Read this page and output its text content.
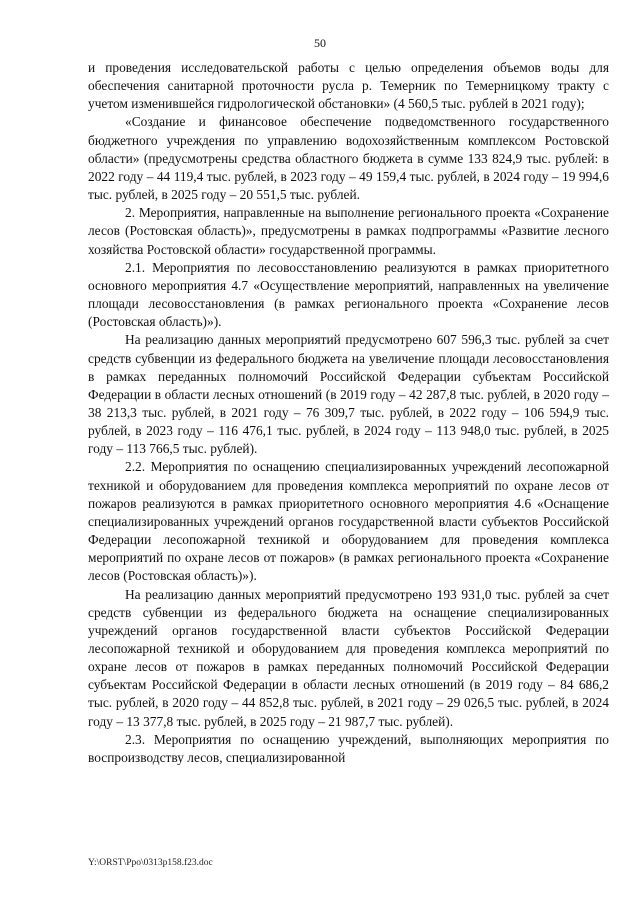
50

и проведения исследовательской работы с целью определения объемов воды для обеспечения санитарной проточности русла р. Темерник по Темерницкому тракту с учетом изменившейся гидрологической обстановки» (4 560,5 тыс. рублей в 2021 году);

«Создание и финансовое обеспечение подведомственного государственного бюджетного учреждения по управлению водохозяйственным комплексом Ростовской области» (предусмотрены средства областного бюджета в сумме 133 824,9 тыс. рублей: в 2022 году – 44 119,4 тыс. рублей, в 2023 году – 49 159,4 тыс. рублей, в 2024 году – 19 994,6 тыс. рублей, в 2025 году – 20 551,5 тыс. рублей.

2. Мероприятия, направленные на выполнение регионального проекта «Сохранение лесов (Ростовская область)», предусмотрены в рамках подпрограммы «Развитие лесного хозяйства Ростовской области» государственной программы.

2.1. Мероприятия по лесовосстановлению реализуются в рамках приоритетного основного мероприятия 4.7 «Осуществление мероприятий, направленных на увеличение площади лесовосстановления (в рамках регионального проекта «Сохранение лесов (Ростовская область)»).

На реализацию данных мероприятий предусмотрено 607 596,3 тыс. рублей за счет средств субвенции из федерального бюджета на увеличение площади лесовосстановления в рамках переданных полномочий Российской Федерации субъектам Российской Федерации в области лесных отношений (в 2019 году – 42 287,8 тыс. рублей, в 2020 году – 38 213,3 тыс. рублей, в 2021 году – 76 309,7 тыс. рублей, в 2022 году – 106 594,9 тыс. рублей, в 2023 году – 116 476,1 тыс. рублей, в 2024 году – 113 948,0 тыс. рублей, в 2025 году – 113 766,5 тыс. рублей).

2.2. Мероприятия по оснащению специализированных учреждений лесопожарной техникой и оборудованием для проведения комплекса мероприятий по охране лесов от пожаров реализуются в рамках приоритетного основного мероприятия 4.6 «Оснащение специализированных учреждений органов государственной власти субъектов Российской Федерации лесопожарной техникой и оборудованием для проведения комплекса мероприятий по охране лесов от пожаров» (в рамках регионального проекта «Сохранение лесов (Ростовская область)»).

На реализацию данных мероприятий предусмотрено 193 931,0 тыс. рублей за счет средств субвенции из федерального бюджета на оснащение специализированных учреждений органов государственной власти субъектов Российской Федерации лесопожарной техникой и оборудованием для проведения комплекса мероприятий по охране лесов от пожаров в рамках переданных полномочий Российской Федерации субъектам Российской Федерации в области лесных отношений (в 2019 году – 84 686,2 тыс. рублей, в 2020 году – 44 852,8 тыс. рублей, в 2021 году – 29 026,5 тыс. рублей, в 2024 году – 13 377,8 тыс. рублей, в 2025 году – 21 987,7 тыс. рублей).

2.3. Мероприятия по оснащению учреждений, выполняющих мероприятия по воспроизводству лесов, специализированной

Y:\ORST\Ppo\0313p158.f23.doc
